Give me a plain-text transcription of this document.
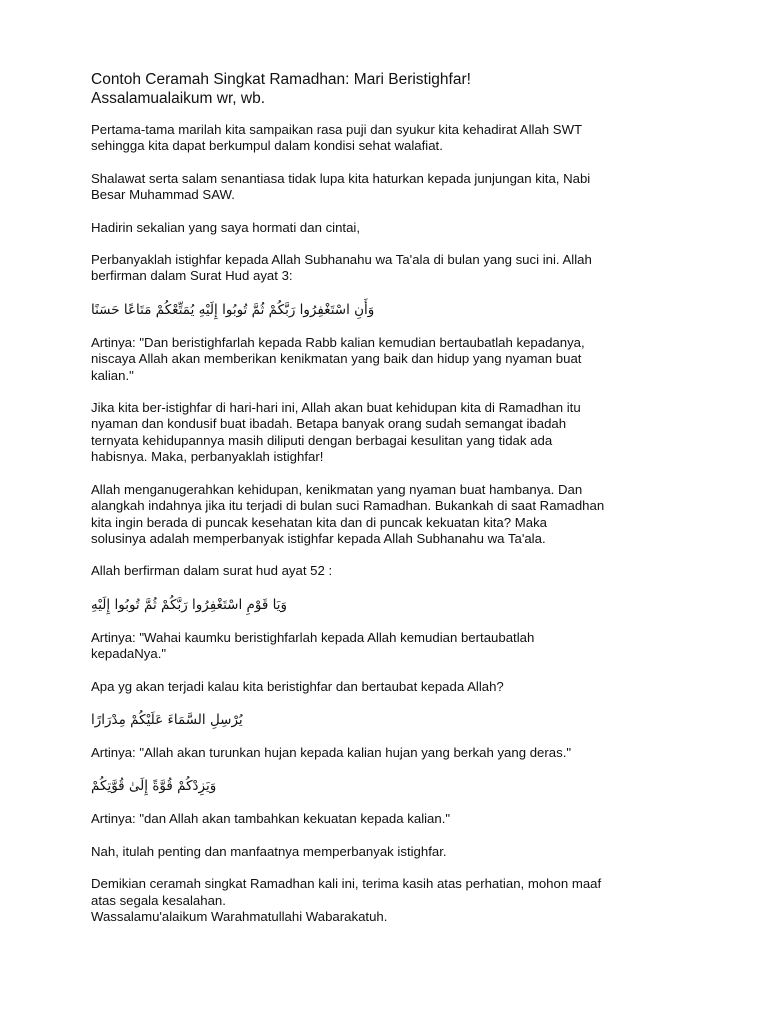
Contoh Ceramah Singkat Ramadhan: Mari Beristighfar!
Assalamualaikum wr, wb.

Pertama-tama marilah kita sampaikan rasa puji dan syukur kita kehadirat Allah SWT
sehingga kita dapat berkumpul dalam kondisi sehat walafiat.

Shalawat serta salam senantiasa tidak lupa kita haturkan kepada junjungan kita, Nabi
Besar Muhammad SAW.

Hadirin sekalian yang saya hormati dan cintai,

Perbanyaklah istighfar kepada Allah Subhanahu wa Ta'ala di bulan yang suci ini. Allah
berfirman dalam Surat Hud ayat 3:

وَأَنِ اسْتَغْفِرُوا رَبَّكُمْ ثُمَّ تُوبُوا إِلَيْهِ يُمَتِّعْكُمْ مَتَاعًا حَسَنًا

Artinya: "Dan beristighfarlah kepada Rabb kalian kemudian bertaubatlah kepadanya,
niscaya Allah akan memberikan kenikmatan yang baik dan hidup yang nyaman buat
kalian."

Jika kita ber-istighfar di hari-hari ini, Allah akan buat kehidupan kita di Ramadhan itu
nyaman dan kondusif buat ibadah. Betapa banyak orang sudah semangat ibadah
ternyata kehidupannya masih diliputi dengan berbagai kesulitan yang tidak ada
habisnya. Maka, perbanyaklah istighfar!

Allah menganugerahkan kehidupan, kenikmatan yang nyaman buat hambanya. Dan
alangkah indahnya jika itu terjadi di bulan suci Ramadhan. Bukankah di saat Ramadhan
kita ingin berada di puncak kesehatan kita dan di puncak kekuatan kita? Maka
solusinya adalah memperbanyak istighfar kepada Allah Subhanahu wa Ta'ala.

Allah berfirman dalam surat hud ayat 52 :

وَيَا قَوْمِ اسْتَغْفِرُوا رَبَّكُمْ ثُمَّ تُوبُوا إِلَيْهِ

Artinya: "Wahai kaumku beristighfarlah kepada Allah kemudian bertaubatlah
kepadaNya."

Apa yg akan terjadi kalau kita beristighfar dan bertaubat kepada Allah?

يُرْسِلِ السَّمَاءَ عَلَيْكُمْ مِدْرَارًا

Artinya: "Allah akan turunkan hujan kepada kalian hujan yang berkah yang deras."

وَيَزِدْكُمْ قُوَّةً إِلَىٰ قُوَّتِكُمْ

Artinya: "dan Allah akan tambahkan kekuatan kepada kalian."

Nah, itulah penting dan manfaatnya memperbanyak istighfar.

Demikian ceramah singkat Ramadhan kali ini, terima kasih atas perhatian, mohon maaf
atas segala kesalahan.
Wassalamu'alaikum Warahmatullahi Wabarakatuh.
